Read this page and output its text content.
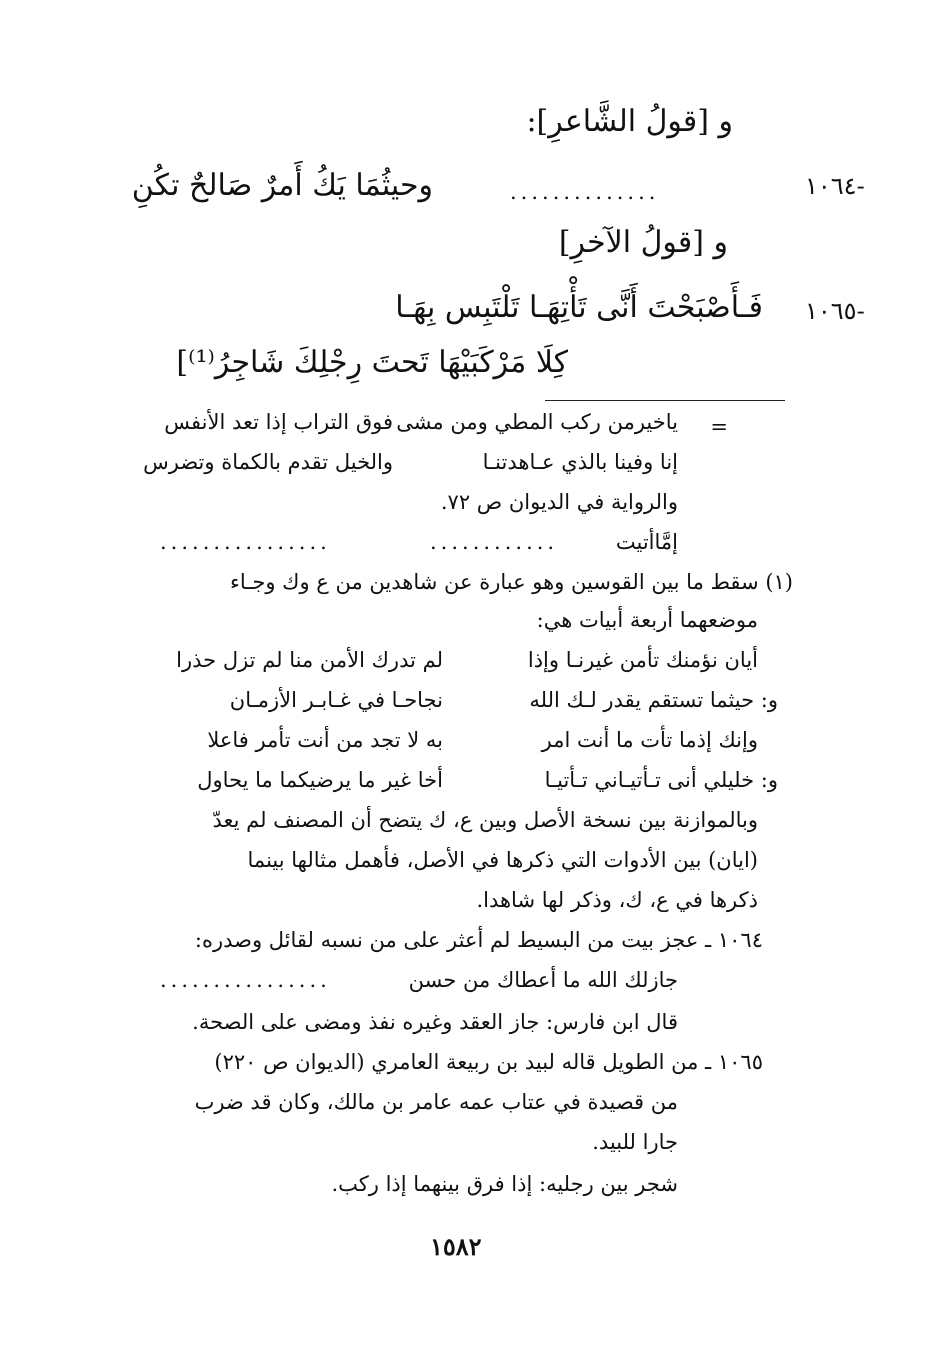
و [قولُ الشَّاعرِ]:
١٠٦٤-
..............
وحيثُمَا يَكُ أَمرٌ صَالحٌ تكُنِ
و [قولُ الآخرِ]
١٠٦٥-
فَـأَصْبَحْتَ أَنَّى تَأْتِهَـا تَلْتَبِس بِهَـا
كِلَا مَرْكَبَيْهَا تَحتَ رِجْلِكَ شَاجِرُ⁽¹⁾]
=
ياخيرمن ركب المطي ومن مشى
فوق التراب إذا تعد الأنفس
إنا وفينا بالذي عـاهدتنـا
والخيل تقدم بالكماة وتضرس
والرواية في الديوان ص ٧٢.
إمَّاأتيت
............
................
(١) سقط ما بين القوسين وهو عبارة عن شاهدين من ع وك وجـاء
موضعهما أربعة أبيات هي:
أيان نؤمنك تأمن غيرنـا وإذا
لم تدرك الأمن منا لم تزل حذرا
و: حيثما تستقم يقدر لـك الله
نجاحـا في غـابـر الأزمـان
وإنك إذما تأت ما أنت امر
به لا تجد من أنت تأمر فاعلا
و: خليلي أنى تـأتيـاني تـأتيـا
أخا غير ما يرضيكما ما يحاول
وبالموازنة بين نسخة الأصل وبين ع، ك يتضح أن المصنف لم يعدّ
(ايان) بين الأدوات التي ذكرها في الأصل، فأهمل مثالها بينما
ذكرها في ع، ك، وذكر لها شاهدا.
١٠٦٤ ـ عجز بيت من البسيط لم أعثر على من نسبه لقائل وصدره:
جازلك الله ما أعطاك من حسن
................
قال ابن فارس: جاز العقد وغيره نفذ ومضى على الصحة.
١٠٦٥ ـ من الطويل قاله لبيد بن ربيعة العامري (الديوان ص ٢٢٠)
من قصيدة في عتاب عمه عامر بن مالك، وكان قد ضرب
جارا للبيد.
شجر بين رجليه: إذا فرق بينهما إذا ركب.
١٥٨٢
